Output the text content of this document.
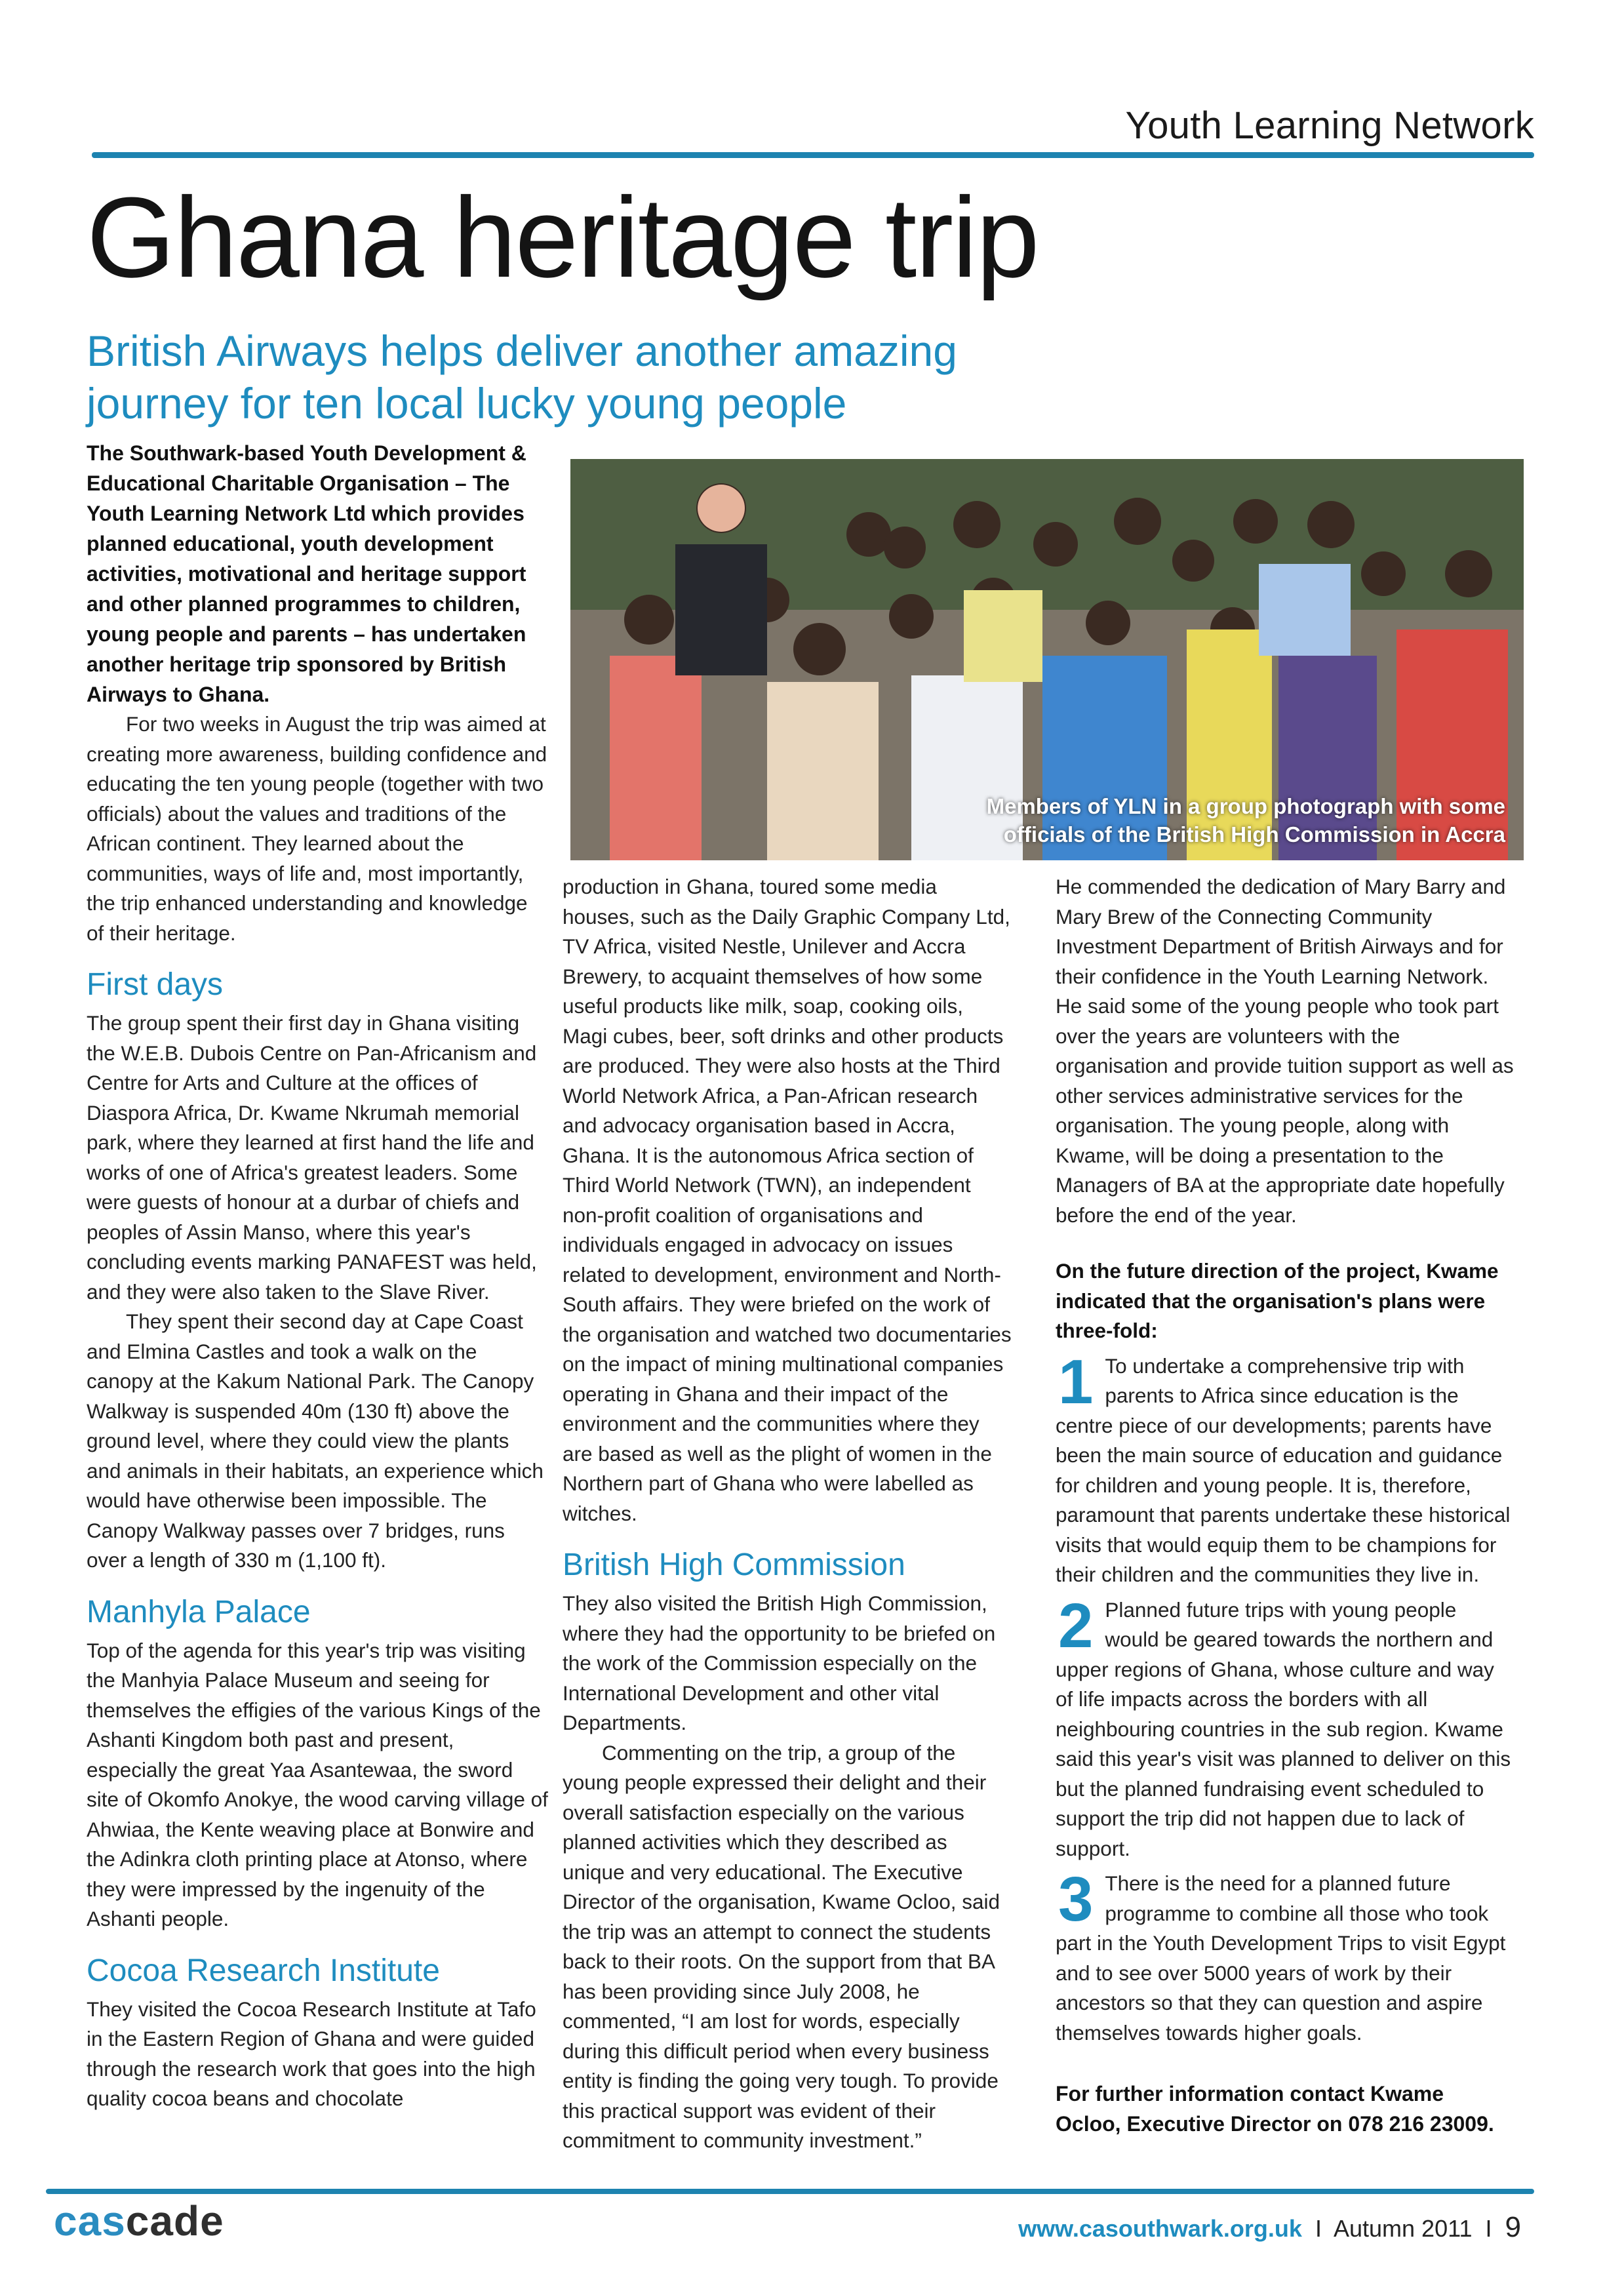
Youth Learning Network
Ghana heritage trip
British Airways helps deliver another amazing
journey for ten local lucky young people

The Southwark-based Youth Development & Educational Charitable Organisation – The Youth Learning Network Ltd which provides planned educational, youth development activities, motivational and heritage support and other planned programmes to children, young people and parents – has undertaken another heritage trip sponsored by British Airways to Ghana.

For two weeks in August the trip was aimed at creating more awareness, building confidence and educating the ten young people (together with two officials) about the values and traditions of the African continent. They learned about the communities, ways of life and, most importantly, the trip enhanced understanding and knowledge of their heritage.

First days

The group spent their first day in Ghana visiting the W.E.B. Dubois Centre on Pan-Africanism and Centre for Arts and Culture at the offices of Diaspora Africa, Dr. Kwame Nkrumah memorial park, where they learned at first hand the life and works of one of Africa's greatest leaders. Some were guests of honour at a durbar of chiefs and peoples of Assin Manso, where this year's concluding events marking PANAFEST was held, and they were also taken to the Slave River.

They spent their second day at Cape Coast and Elmina Castles and took a walk on the canopy at the Kakum National Park. The Canopy Walkway is suspended 40m (130 ft) above the ground level, where they could view the plants and animals in their habitats, an experience which would have otherwise been impossible. The Canopy Walkway passes over 7 bridges, runs over a length of 330 m (1,100 ft).

Manhyla Palace

Top of the agenda for this year's trip was visiting the Manhyia Palace Museum and seeing for themselves the effigies of the various Kings of the Ashanti Kingdom both past and present, especially the great Yaa Asantewaa, the sword site of Okomfo Anokye, the wood carving village of Ahwiaa, the Kente weaving place at Bonwire and the Adinkra cloth printing place at Atonso, where they were impressed by the ingenuity of the Ashanti people.

Cocoa Research Institute

They visited the Cocoa Research Institute at Tafo in the Eastern Region of Ghana and were guided through the research work that goes into the high quality cocoa beans and chocolate

Members of YLN in a group photograph with some
officials of the British High Commission in Accra

production in Ghana, toured some media houses, such as the Daily Graphic Company Ltd, TV Africa, visited Nestle, Unilever and Accra Brewery, to acquaint themselves of how some useful products like milk, soap, cooking oils, Magi cubes, beer, soft drinks and other products are produced. They were also hosts at the Third World Network Africa, a Pan-African research and advocacy organisation based in Accra, Ghana. It is the autonomous Africa section of Third World Network (TWN), an independent non-profit coalition of organisations and individuals engaged in advocacy on issues related to development, environment and North-South affairs. They were briefed on the work of the organisation and watched two documentaries on the impact of mining multinational companies operating in Ghana and their impact of the environment and the communities where they are based as well as the plight of women in the Northern part of Ghana who were labelled as witches.

British High Commission

They also visited the British High Commission, where they had the opportunity to be briefed on the work of the Commission especially on the International Development and other vital Departments.

Commenting on the trip, a group of the young people expressed their delight and their overall satisfaction especially on the various planned activities which they described as unique and very educational. The Executive Director of the organisation, Kwame Ocloo, said the trip was an attempt to connect the students back to their roots. On the support from that BA has been providing since July 2008, he commented, “I am lost for words, especially during this difficult period when every business entity is finding the going very tough. To provide this practical support was evident of their commitment to community investment.”

He commended the dedication of Mary Barry and Mary Brew of the Connecting Community Investment Department of British Airways and for their confidence in the Youth Learning Network. He said some of the young people who took part over the years are volunteers with the organisation and provide tuition support as well as other services administrative services for the organisation. The young people, along with Kwame, will be doing a presentation to the Managers of BA at the appropriate date hopefully before the end of the year.

On the future direction of the project, Kwame indicated that the organisation's plans were three-fold:

1 To undertake a comprehensive trip with parents to Africa since education is the centre piece of our developments; parents have been the main source of education and guidance for children and young people. It is, therefore, paramount that parents undertake these historical visits that would equip them to be champions for their children and the communities they live in.
2 Planned future trips with young people would be geared towards the northern and upper regions of Ghana, whose culture and way of life impacts across the borders with all neighbouring countries in the sub region. Kwame said this year's visit was planned to deliver on this but the planned fundraising event scheduled to support the trip did not happen due to lack of support.
3 There is the need for a planned future programme to combine all those who took part in the Youth Development Trips to visit Egypt and to see over 5000 years of work by their ancestors so that they can question and aspire themselves towards higher goals.

For further information contact Kwame Ocloo, Executive Director on 078 216 23009.

cascade	www.casouthwark.org.uk I Autumn 2011 I 9
